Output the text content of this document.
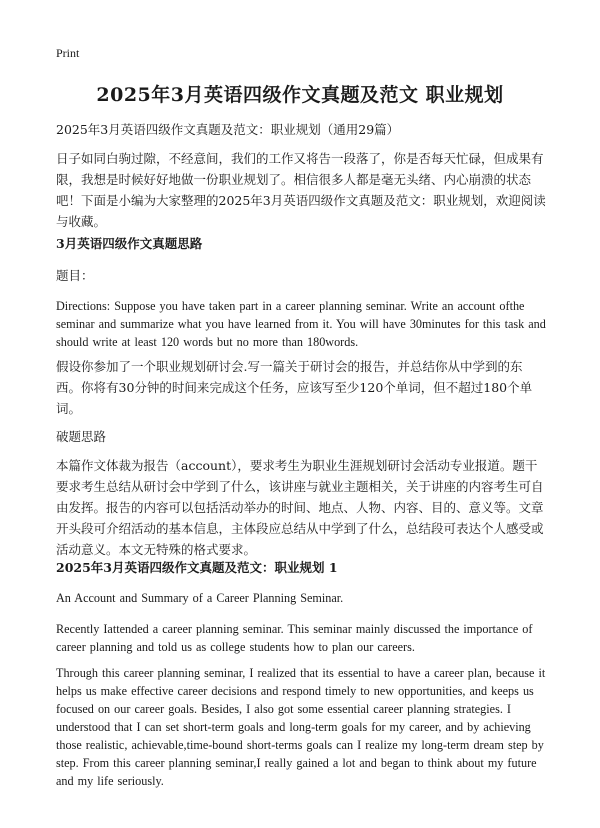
Print
2025年3月英语四级作文真题及范文 职业规划

2025年3月英语四级作文真题及范文：职业规划（通用29篇）

日子如同白驹过隙，不经意间，我们的工作又将告一段落了，你是否每天忙碌，但成果有限，我想是时候好好地做一份职业规划了。相信很多人都是毫无头绪、内心崩溃的状态吧！下面是小编为大家整理的2025年3月英语四级作文真题及范文：职业规划，欢迎阅读与收藏。

3月英语四级作文真题思路

题目：

Directions: Suppose you have taken part in a career planning seminar. Write an account ofthe seminar and summarize what you have learned from it. You will have 30minutes for this task and should write at least 120 words but no more than 180words.

假设你参加了一个职业规划研讨会.写一篇关于研讨会的报告，并总结你从中学到的东西。你将有30分钟的时间来完成这个任务，应该写至少120个单词，但不超过180个单词。

破题思路

本篇作文体裁为报告（account），要求考生为职业生涯规划研讨会活动专业报道。题干要求考生总结从研讨会中学到了什么，该讲座与就业主题相关，关于讲座的内容考生可自由发挥。报告的内容可以包括活动举办的时间、地点、人物、内容、目的、意义等。文章开头段可介绍活动的基本信息，主体段应总结从中学到了什么，总结段可表达个人感受或活动意义。本文无特殊的格式要求。

2025年3月英语四级作文真题及范文：职业规划 1

An Account and Summary of a Career Planning Seminar.

Recently Iattended a career planning seminar. This seminar mainly discussed the importance of career planning and told us as college students how to plan our careers.

Through this career planning seminar, I realized that its essential to have a career plan, because it helps us make effective career decisions and respond timely to new opportunities, and keeps us focused on our career goals. Besides, I also got some essential career planning strategies. I understood that I can set short-term goals and long-term goals for my career, and by achieving those realistic, achievable,time-bound short-terms goals can I realize my long-term dream step by step. From this career planning seminar,I really gained a lot and began to think about my future and my life seriously.
